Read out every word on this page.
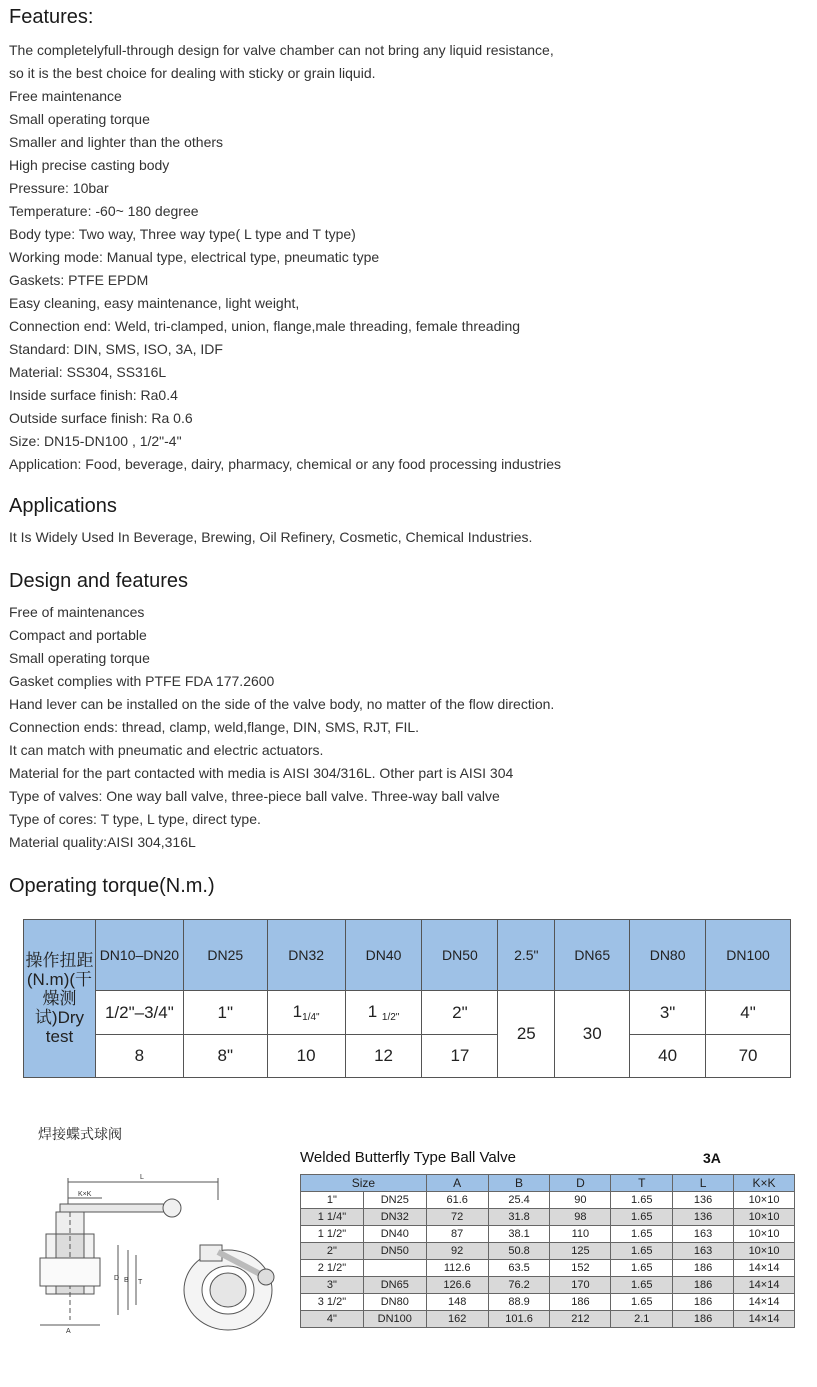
Features:
The completelyfull-through design for valve chamber can not bring any liquid resistance,
so it is the best choice for dealing with sticky or grain liquid.
Free maintenance
Small operating torque
Smaller and lighter than the others
High precise casting body
Pressure: 10bar
Temperature: -60~ 180 degree
Body type: Two way, Three way type( L type and T type)
Working mode: Manual type, electrical type, pneumatic type
Gaskets: PTFE EPDM
Easy cleaning, easy maintenance, light weight,
Connection end: Weld, tri-clamped, union, flange,male threading, female threading
Standard: DIN, SMS, ISO, 3A, IDF
Material: SS304, SS316L
Inside surface finish: Ra0.4
Outside surface finish: Ra 0.6
Size: DN15-DN100 , 1/2"-4"
Application: Food, beverage, dairy, pharmacy, chemical or any food processing industries
Applications
It Is Widely Used In Beverage, Brewing, Oil Refinery, Cosmetic, Chemical Industries.
Design and features
Free of maintenances
Compact and portable
Small operating torque
Gasket complies with PTFE FDA 177.2600
Hand lever can be installed on the side of the valve body, no matter of the flow direction.
Connection ends: thread, clamp, weld,flange, DIN, SMS, RJT, FIL.
It can match with pneumatic and electric actuators.
Material for the part contacted with media is AISI 304/316L. Other part is AISI 304
Type of valves: One way ball valve, three-piece ball valve. Three-way ball valve
Type of cores: T type, L type, direct type.
Material quality:AISI 304,316L
Operating torque(N.m.)
操作扭距(N.m)(干燥测试)Dry test	DN10–DN20	DN25	DN32	DN40	DN50	2.5"	DN65	DN80	DN100
	1/2"–3/4"	1"	$1_{1/4"}$	1 $_{1/2"}$	2"	25	30	3"	4"
	8	8"	10	12	17			40	70
焊接蝶式球阀
L
K×K
A
D B T
Welded Butterfly Type Ball Valve	3A
Size		A	B	D	T	L	K×K
1"	DN25	61.6	25.4	90	1.65	136	10×10
1 1/4"	DN32	72	31.8	98	1.65	136	10×10
1 1/2"	DN40	87	38.1	110	1.65	163	10×10
2"	DN50	92	50.8	125	1.65	163	10×10
2 1/2"		112.6	63.5	152	1.65	186	14×14
3"	DN65	126.6	76.2	170	1.65	186	14×14
3 1/2"	DN80	148	88.9	186	1.65	186	14×14
4"	DN100	162	101.6	212	2.1	186	14×14
